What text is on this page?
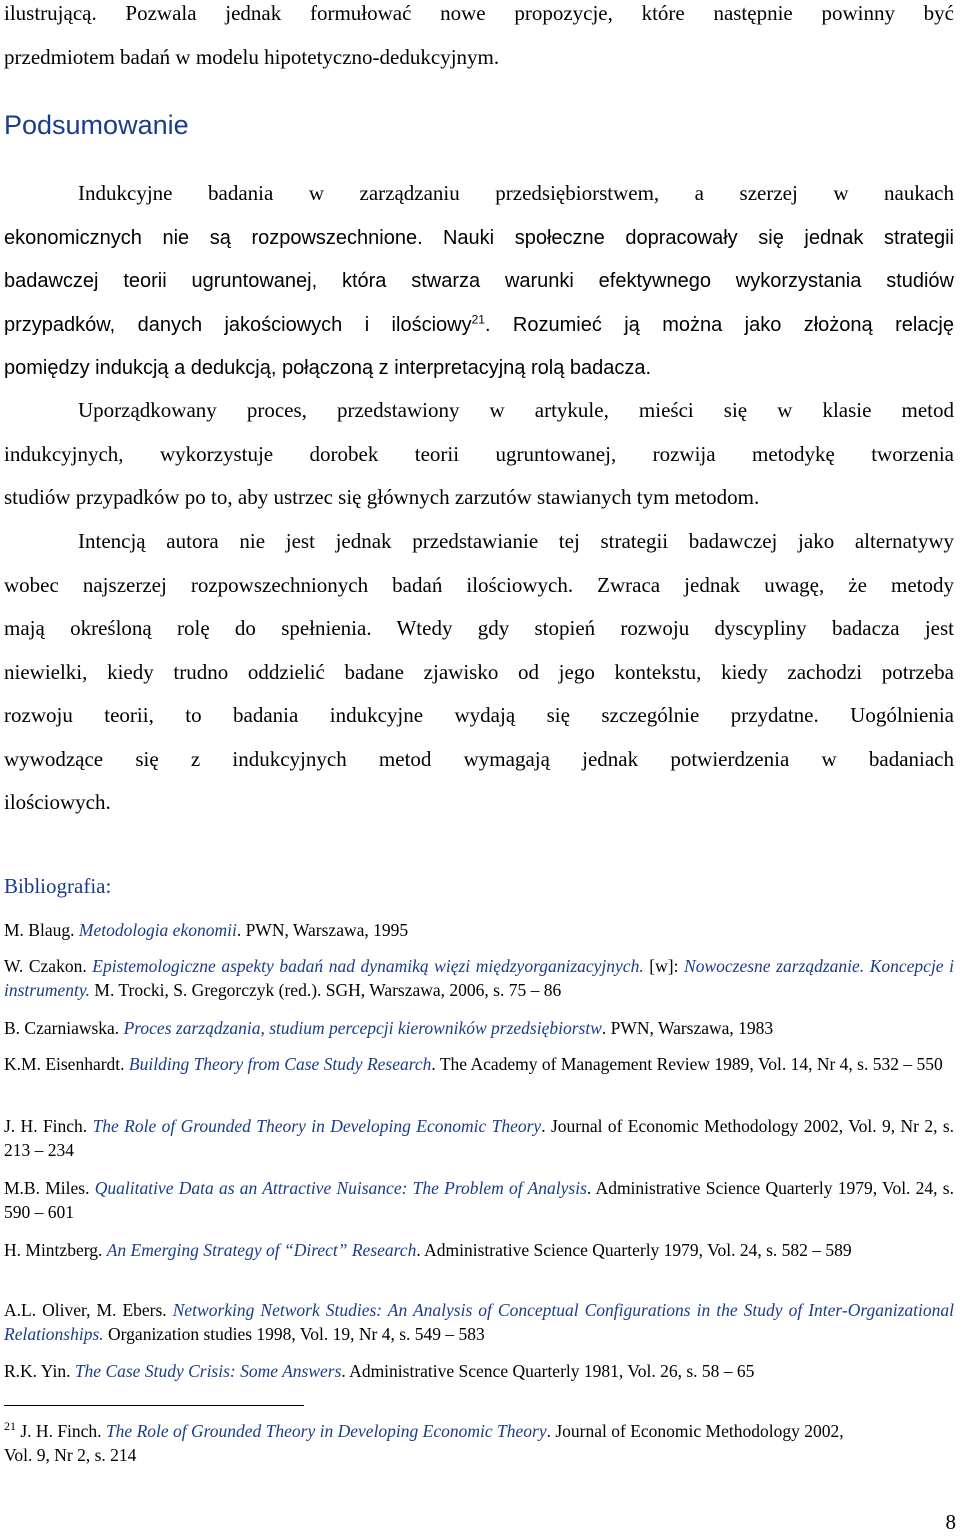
ilustrującą. Pozwala jednak formułować nowe propozycje, które następnie powinny być
przedmiotem badań w modelu hipotetyczno-dedukcyjnym.
Podsumowanie
Indukcyjne badania w zarządzaniu przedsiębiorstwem, a szerzej w naukach
ekonomicznych nie są rozpowszechnione. Nauki społeczne dopracowały się jednak strategii
badawczej teorii ugruntowanej, która stwarza warunki efektywnego wykorzystania studiów
przypadków, danych jakościowych i ilościowy$^{21}$. Rozumieć ją można jako złożoną relację
pomiędzy indukcją a dedukcją, połączoną z interpretacyjną rolą badacza.
Uporządkowany proces, przedstawiony w artykule, mieści się w klasie metod
indukcyjnych, wykorzystuje dorobek teorii ugruntowanej, rozwija metodykę tworzenia
studiów przypadków po to, aby ustrzec się głównych zarzutów stawianych tym metodom.
Intencją autora nie jest jednak przedstawianie tej strategii badawczej jako alternatywy
wobec najszerzej rozpowszechnionych badań ilościowych. Zwraca jednak uwagę, że metody
mają określoną rolę do spełnienia. Wtedy gdy stopień rozwoju dyscypliny badacza jest
niewielki, kiedy trudno oddzielić badane zjawisko od jego kontekstu, kiedy zachodzi potrzeba
rozwoju teorii, to badania indukcyjne wydają się szczególnie przydatne. Uogólnienia
wywodzące się z indukcyjnych metod wymagają jednak potwierdzenia w badaniach
ilościowych.
Bibliografia:
M. Blaug. Metodologia ekonomii. PWN, Warszawa, 1995
W. Czakon. Epistemologiczne aspekty badań nad dynamiką więzi międzyorganizacyjnych. [w]: Nowoczesne zarządzanie. Koncepcje i instrumenty. M. Trocki, S. Gregorczyk (red.). SGH, Warszawa, 2006, s. 75 – 86
B. Czarniawska. Proces zarządzania, studium percepcji kierowników przedsiębiorstw. PWN, Warszawa, 1983
K.M. Eisenhardt. Building Theory from Case Study Research. The Academy of Management Review 1989, Vol. 14, Nr 4, s. 532 – 550
J. H. Finch. The Role of Grounded Theory in Developing Economic Theory. Journal of Economic Methodology 2002, Vol. 9, Nr 2, s. 213 – 234
M.B. Miles. Qualitative Data as an Attractive Nuisance: The Problem of Analysis. Administrative Science Quarterly 1979, Vol. 24, s. 590 – 601
H. Mintzberg. An Emerging Strategy of “Direct” Research. Administrative Science Quarterly 1979, Vol. 24, s. 582 – 589
A.L. Oliver, M. Ebers. Networking Network Studies: An Analysis of Conceptual Configurations in the Study of Inter-Organizational Relationships. Organization studies 1998, Vol. 19, Nr 4, s. 549 – 583
R.K. Yin. The Case Study Crisis: Some Answers. Administrative Scence Quarterly 1981, Vol. 26, s. 58 – 65
$^{21}$ J. H. Finch. The Role of Grounded Theory in Developing Economic Theory. Journal of Economic Methodology 2002, Vol. 9, Nr 2, s. 214
8
